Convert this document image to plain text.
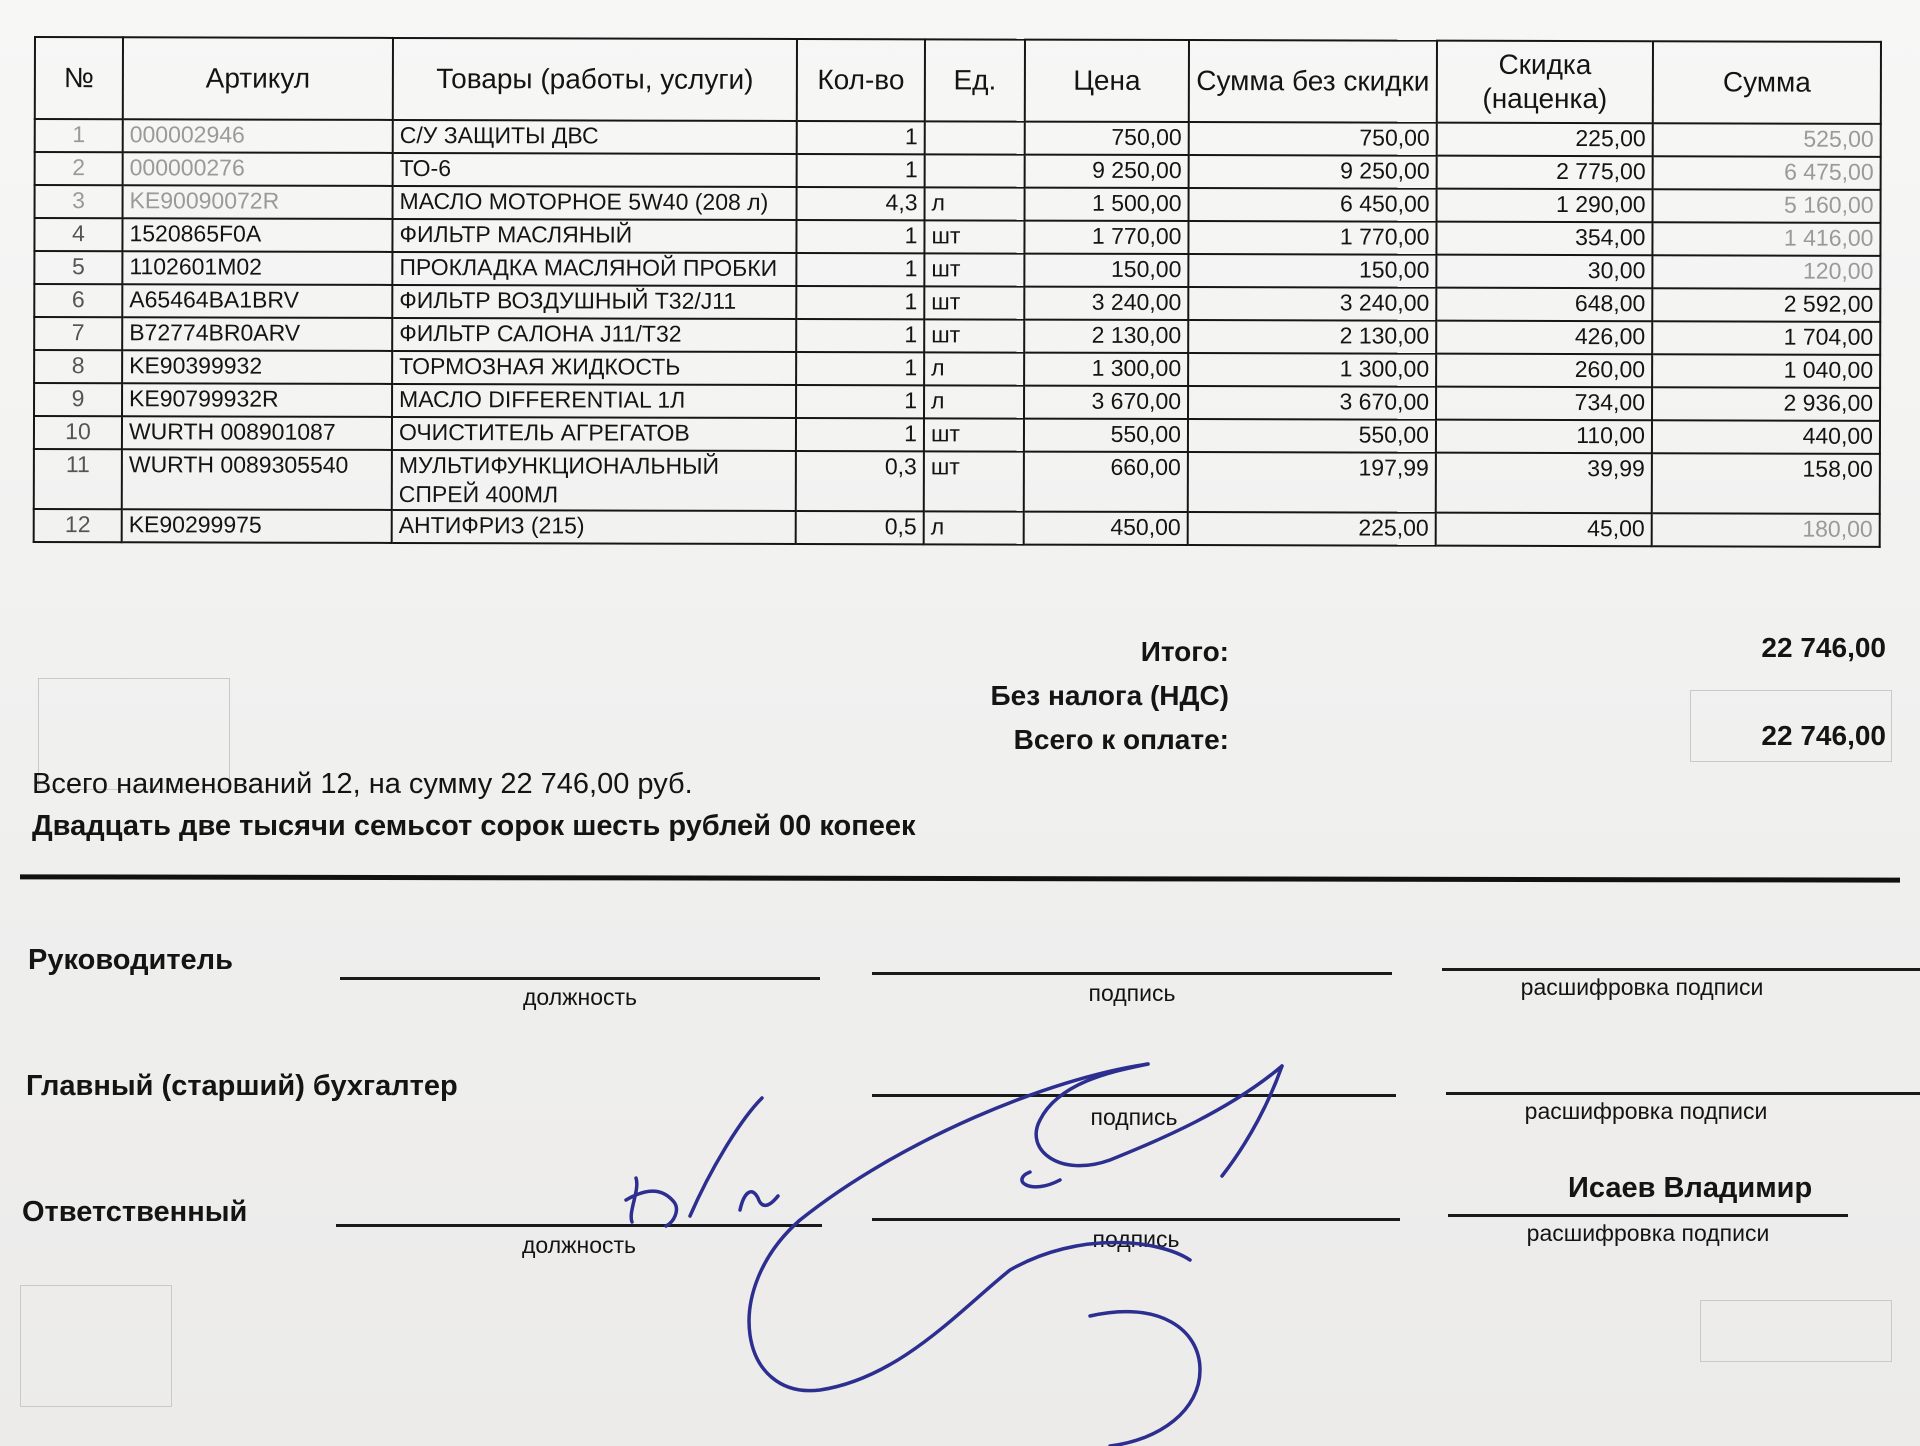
№	Артикул	Товары (работы, услуги)	Кол-во	Ед.	Цена	Сумма без скидки	Скидка (наценка)	Сумма
1	000002946	С/У ЗАЩИТЫ ДВС	1		750,00	750,00	225,00	525,00
2	000000276	ТО-6	1		9 250,00	9 250,00	2 775,00	6 475,00
3	KE90090072R	МАСЛО МОТОРНОЕ 5W40 (208 л)	4,3	л	1 500,00	6 450,00	1 290,00	5 160,00
4	1520865F0A	ФИЛЬТР МАСЛЯНЫЙ	1	шт	1 770,00	1 770,00	354,00	1 416,00
5	1102601M02	ПРОКЛАДКА МАСЛЯНОЙ ПРОБКИ	1	шт	150,00	150,00	30,00	120,00
6	A65464BA1BRV	ФИЛЬТР ВОЗДУШНЫЙ Т32/J11	1	шт	3 240,00	3 240,00	648,00	2 592,00
7	B72774BR0ARV	ФИЛЬТР САЛОНА J11/T32	1	шт	2 130,00	2 130,00	426,00	1 704,00
8	KE90399932	ТОРМОЗНАЯ ЖИДКОСТЬ	1	л	1 300,00	1 300,00	260,00	1 040,00
9	KE90799932R	МАСЛО DIFFERENTIAL 1Л	1	л	3 670,00	3 670,00	734,00	2 936,00
10	WURTH 008901087	ОЧИСТИТЕЛЬ АГРЕГАТОВ	1	шт	550,00	550,00	110,00	440,00
11	WURTH 0089305540	МУЛЬТИФУНКЦИОНАЛЬНЫЙ СПРЕЙ 400МЛ	0,3	шт	660,00	197,99	39,99	158,00
12	KE90299975	АНТИФРИЗ (215)	0,5	л	450,00	225,00	45,00	180,00
Итого:	22 746,00
Без налога (НДС)
Всего к оплате:	22 746,00
Всего наименований 12, на сумму 22 746,00 руб.
Двадцать две тысячи семьсот сорок шесть рублей 00 копеек
Руководитель
должность	подпись	расшифровка подписи
Главный (старший) бухгалтер
подпись	расшифровка подписи
Ответственный
должность	подпись
Исаев Владимир
расшифровка подписи
